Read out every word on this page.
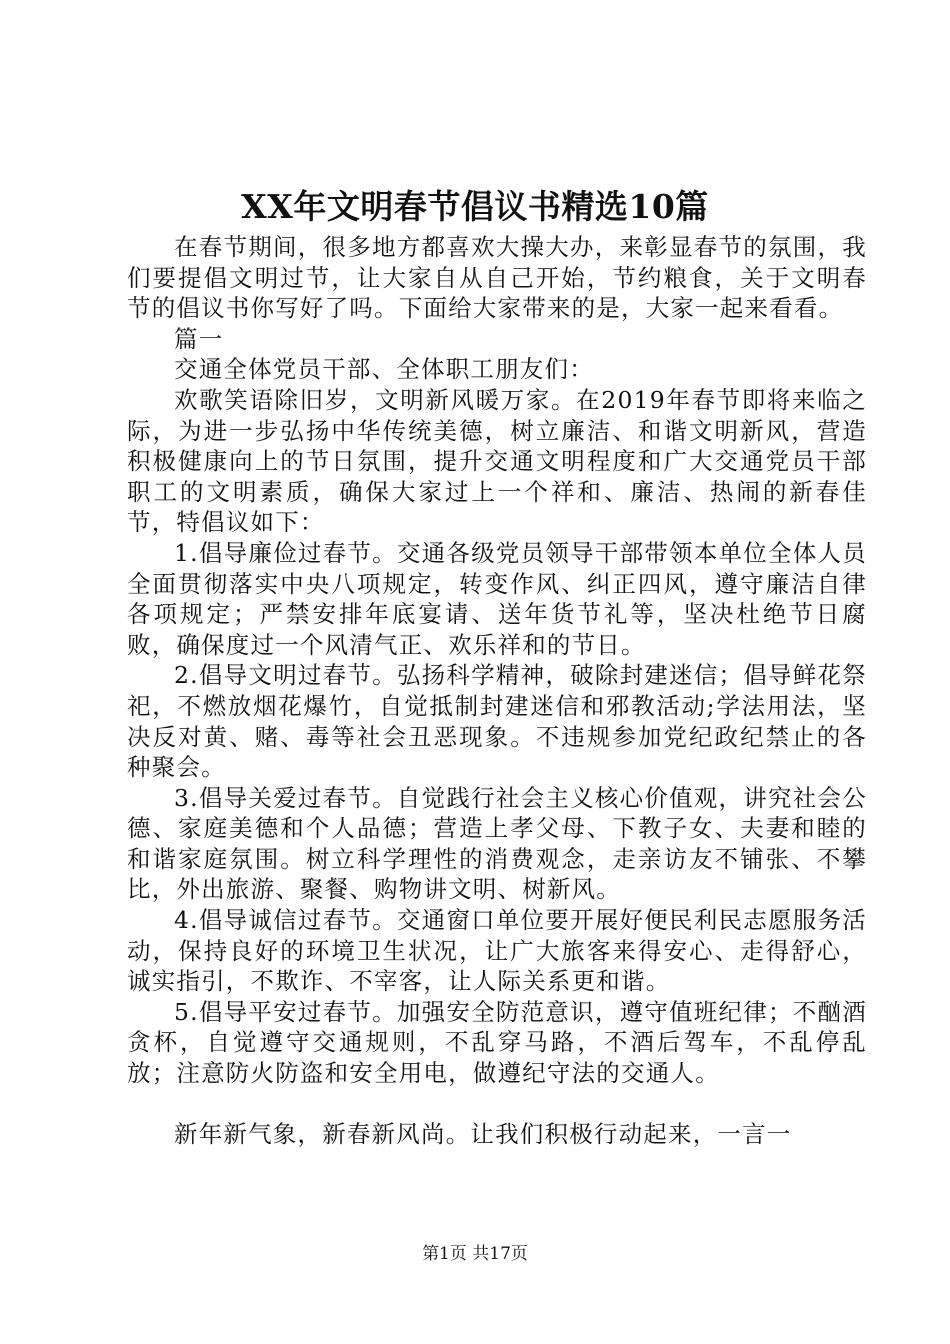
XX年文明春节倡议书精选10篇

在春节期间，很多地方都喜欢大操大办，来彰显春节的氛围，我们要提倡文明过节，让大家自从自己开始，节约粮食，关于文明春节的倡议书你写好了吗。下面给大家带来的是，大家一起来看看。

篇一

交通全体党员干部、全体职工朋友们：

欢歌笑语除旧岁，文明新风暖万家。在2019年春节即将来临之际，为进一步弘扬中华传统美德，树立廉洁、和谐文明新风，营造积极健康向上的节日氛围，提升交通文明程度和广大交通党员干部职工的文明素质，确保大家过上一个祥和、廉洁、热闹的新春佳节，特倡议如下：

1.倡导廉俭过春节。交通各级党员领导干部带领本单位全体人员全面贯彻落实中央八项规定，转变作风、纠正四风，遵守廉洁自律各项规定；严禁安排年底宴请、送年货节礼等，坚决杜绝节日腐败，确保度过一个风清气正、欢乐祥和的节日。

2.倡导文明过春节。弘扬科学精神，破除封建迷信；倡导鲜花祭祀，不燃放烟花爆竹，自觉抵制封建迷信和邪教活动;学法用法，坚决反对黄、赌、毒等社会丑恶现象。不违规参加党纪政纪禁止的各种聚会。

3.倡导关爱过春节。自觉践行社会主义核心价值观，讲究社会公德、家庭美德和个人品德；营造上孝父母、下教子女、夫妻和睦的和谐家庭氛围。树立科学理性的消费观念，走亲访友不铺张、不攀比，外出旅游、聚餐、购物讲文明、树新风。

4.倡导诚信过春节。交通窗口单位要开展好便民利民志愿服务活动，保持良好的环境卫生状况，让广大旅客来得安心、走得舒心，诚实指引，不欺诈、不宰客，让人际关系更和谐。

5.倡导平安过春节。加强安全防范意识，遵守值班纪律；不酗酒贪杯，自觉遵守交通规则，不乱穿马路，不酒后驾车，不乱停乱放；注意防火防盗和安全用电，做遵纪守法的交通人。

新年新气象，新春新风尚。让我们积极行动起来，一言一

第1页 共17页
